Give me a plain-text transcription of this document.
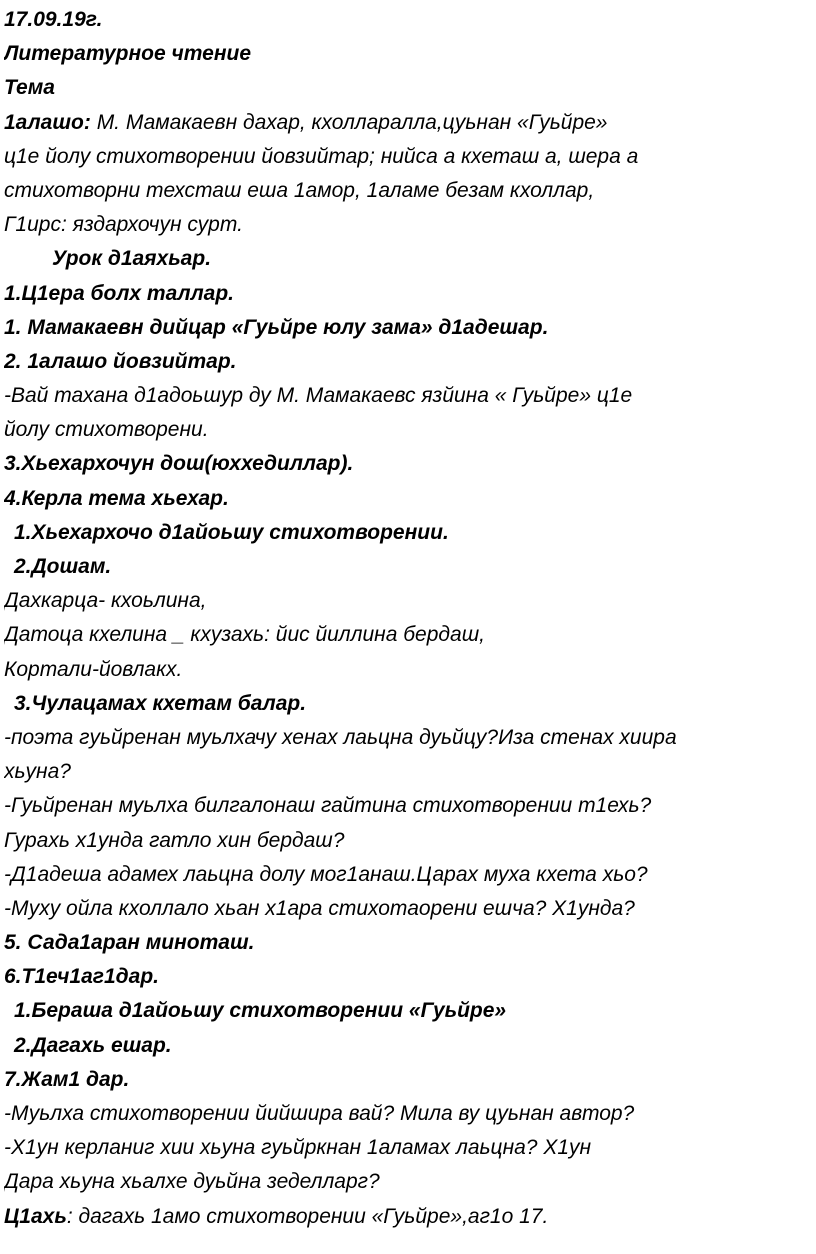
17.09.19г.
Литературное чтение
Тема
1алашо: М. Мамакаевн дахар, кхолларалла,цуьнан «Гуьйре»
ц1е йолу стихотворении йовзийтар; нийса а кхеташ а, шера а
стихотворни техсташ еша 1амор, 1аламе безам кхоллар,
Г1ирс: яздархочун сурт.
Урок д1аяхьар.
1.Ц1ера болх таллар.
1. Мамакаевн дийцар «Гуьйре юлу зама» д1адешар.
2. 1алашо йовзийтар.
-Вай тахана д1адоьшур ду М. Мамакаевс язйина « Гуьйре» ц1е
йолу стихотворени.
3.Хьехархочун дош(юххедиллар).
4.Керла тема хьехар.
1.Хьехархочо д1айоьшу стихотворении.
2.Дошам.
Дахкарца- кхоьлина,
Датоца кхелина _ кхузахь: йис йиллина бердаш,
Кортали-йовлакх.
3.Чулацамах кхетам балар.
-поэта гуьйренан муьлхачу хенах лаьцна дуьйцу?Иза стенах хиира
хьуна?
-Гуьйренан муьлха билгалонаш гайтина стихотворении т1ехь?
Гурахь х1унда гатло хин бердаш?
-Д1адеша адамех лаьцна долу мог1анаш.Царах муха кхета хьо?
-Муху ойла кхоллало хьан х1ара стихотаорени ешча? Х1унда?
5. Сада1аран миноташ.
6.Т1еч1аг1дар.
1.Бераша д1айоьшу стихотворении «Гуьйре»
2.Дагахь ешар.
7.Жам1 дар.
-Муьлха стихотворении йийшира вай? Мила ву цуьнан автор?
-Х1ун керланиг хии хьуна гуьйркнан 1аламах лаьцна? Х1ун
Дара хьуна хьалхе дуьйна зеделларг?
Ц1ахь: дагахь 1амо стихотворении «Гуьйре»,аг1о 17.
